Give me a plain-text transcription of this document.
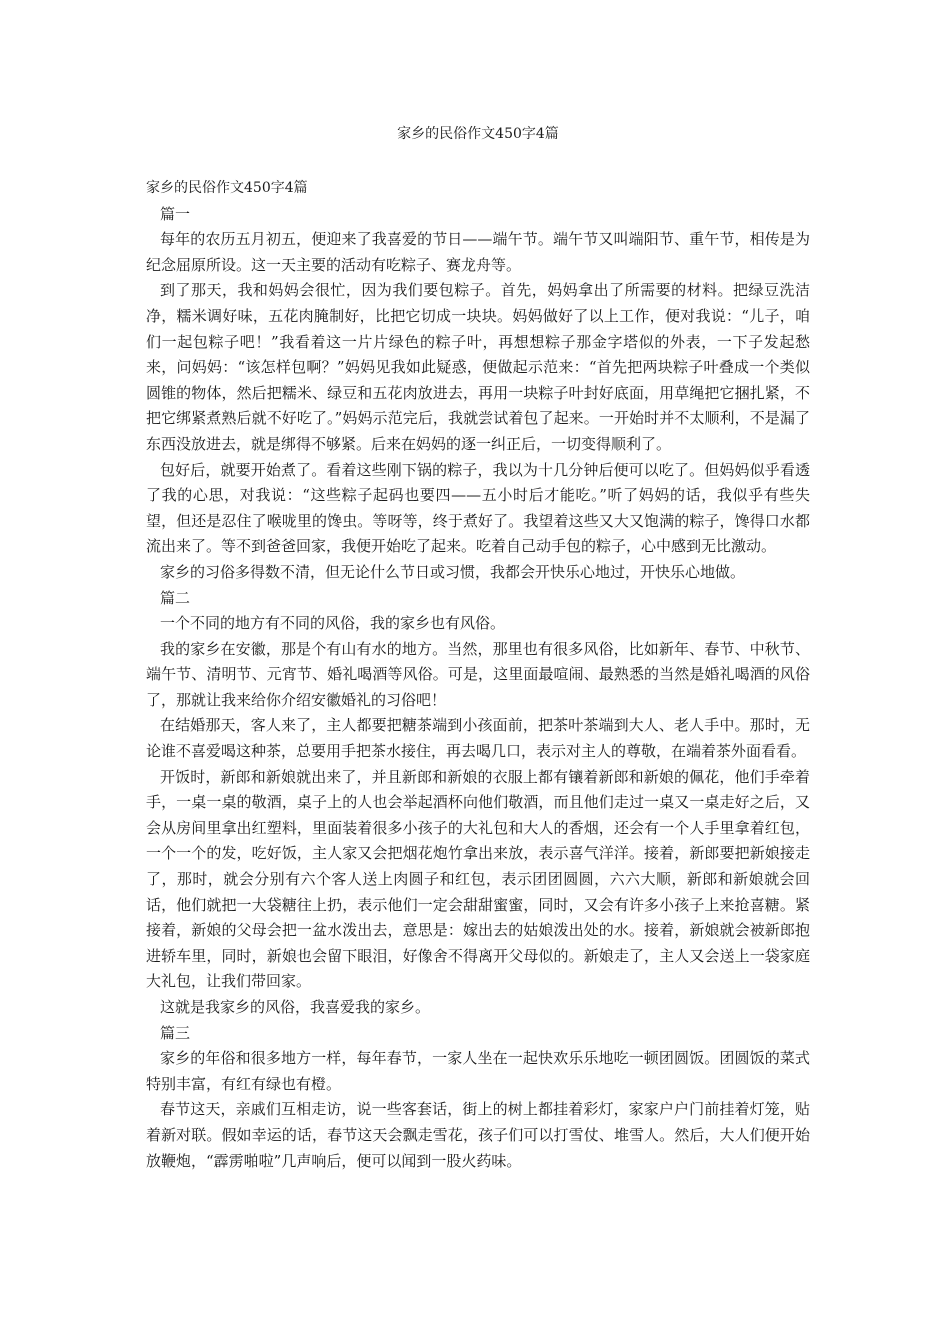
家乡的民俗作文450字4篇

家乡的民俗作文450字4篇

篇一

每年的农历五月初五，便迎来了我喜爱的节日——端午节。端午节又叫端阳节、重午节，相传是为纪念屈原所设。这一天主要的活动有吃粽子、赛龙舟等。

到了那天，我和妈妈会很忙，因为我们要包粽子。首先，妈妈拿出了所需要的材料。把绿豆洗洁净，糯米调好味，五花肉腌制好，比把它切成一块块。妈妈做好了以上工作，便对我说：“儿子，咱们一起包粽子吧！”我看着这一片片绿色的粽子叶，再想想粽子那金字塔似的外表，一下子发起愁来，问妈妈：“该怎样包啊？”妈妈见我如此疑惑，便做起示范来：“首先把两块粽子叶叠成一个类似圆锥的物体，然后把糯米、绿豆和五花肉放进去，再用一块粽子叶封好底面，用草绳把它捆扎紧，不把它绑紧煮熟后就不好吃了。”妈妈示范完后，我就尝试着包了起来。一开始时并不太顺利，不是漏了东西没放进去，就是绑得不够紧。后来在妈妈的逐一纠正后，一切变得顺利了。

包好后，就要开始煮了。看着这些刚下锅的粽子，我以为十几分钟后便可以吃了。但妈妈似乎看透了我的心思，对我说：“这些粽子起码也要四——五小时后才能吃。”听了妈妈的话，我似乎有些失望，但还是忍住了喉咙里的馋虫。等呀等，终于煮好了。我望着这些又大又饱满的粽子，馋得口水都流出来了。等不到爸爸回家，我便开始吃了起来。吃着自己动手包的粽子，心中感到无比激动。

家乡的习俗多得数不清，但无论什么节日或习惯，我都会开快乐心地过，开快乐心地做。

篇二

一个不同的地方有不同的风俗，我的家乡也有风俗。

我的家乡在安徽，那是个有山有水的地方。当然，那里也有很多风俗，比如新年、春节、中秋节、端午节、清明节、元宵节、婚礼喝酒等风俗。可是，这里面最喧闹、最熟悉的当然是婚礼喝酒的风俗了，那就让我来给你介绍安徽婚礼的习俗吧！

在结婚那天，客人来了，主人都要把糖茶端到小孩面前，把茶叶茶端到大人、老人手中。那时，无论谁不喜爱喝这种茶，总要用手把茶水接住，再去喝几口，表示对主人的尊敬，在端着茶外面看看。

开饭时，新郎和新娘就出来了，并且新郎和新娘的衣服上都有镶着新郎和新娘的佩花，他们手牵着手，一桌一桌的敬酒，桌子上的人也会举起酒杯向他们敬酒，而且他们走过一桌又一桌走好之后，又会从房间里拿出红塑料，里面装着很多小孩子的大礼包和大人的香烟，还会有一个人手里拿着红包，一个一个的发，吃好饭，主人家又会把烟花炮竹拿出来放，表示喜气洋洋。接着，新郎要把新娘接走了，那时，就会分别有六个客人送上肉圆子和红包，表示团团圆圆，六六大顺，新郎和新娘就会回话，他们就把一大袋糖往上扔，表示他们一定会甜甜蜜蜜，同时，又会有许多小孩子上来抢喜糖。紧接着，新娘的父母会把一盆水泼出去，意思是：嫁出去的姑娘泼出处的水。接着，新娘就会被新郎抱进轿车里，同时，新娘也会留下眼泪，好像舍不得离开父母似的。新娘走了，主人又会送上一袋家庭大礼包，让我们带回家。

这就是我家乡的风俗，我喜爱我的家乡。

篇三

家乡的年俗和很多地方一样，每年春节，一家人坐在一起快欢乐乐地吃一顿团圆饭。团圆饭的菜式特别丰富，有红有绿也有橙。

春节这天，亲戚们互相走访，说一些客套话，街上的树上都挂着彩灯，家家户户门前挂着灯笼，贴着新对联。假如幸运的话，春节这天会飘走雪花，孩子们可以打雪仗、堆雪人。然后，大人们便开始放鞭炮，“霹雳啪啦”几声响后，便可以闻到一股火药味。
